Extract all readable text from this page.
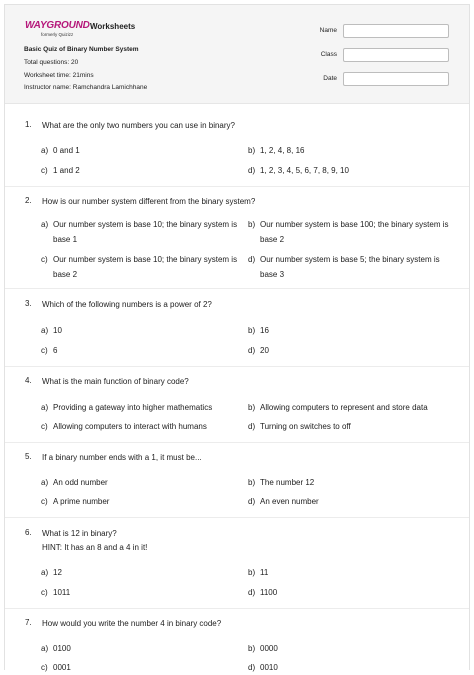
WAYGROUND
formerly Quizizz
Worksheets
Basic Quiz of Binary Number System
Total questions: 20
Worksheet time: 21mins
Instructor name: Ramchandra Lamichhane
Name
Class
Date
1. What are the only two numbers you can use in binary?
a) 0 and 1	b) 1, 2, 4, 8, 16
c) 1 and 2	d) 1, 2, 3, 4, 5, 6, 7, 8, 9, 10
2. How is our number system different from the binary system?
a) Our number system is base 10; the binary system is base 1
b) Our number system is base 100; the binary system is base 2
c) Our number system is base 10; the binary system is base 2
d) Our number system is base 5; the binary system is base 3
3. Which of the following numbers is a power of 2?
a) 10	b) 16
c) 6	d) 20
4. What is the main function of binary code?
a) Providing a gateway into higher mathematics	b) Allowing computers to represent and store data
c) Allowing computers to interact with humans	d) Turning on switches to off
5. If a binary number ends with a 1, it must be...
a) An odd number	b) The number 12
c) A prime number	d) An even number
6. What is 12 in binary?
HINT: It has an 8 and a 4 in it!
a) 12	b) 11
c) 1011	d) 1100
7. How would you write the number 4 in binary code?
a) 0100	b) 0000
c) 0001	d) 0010
